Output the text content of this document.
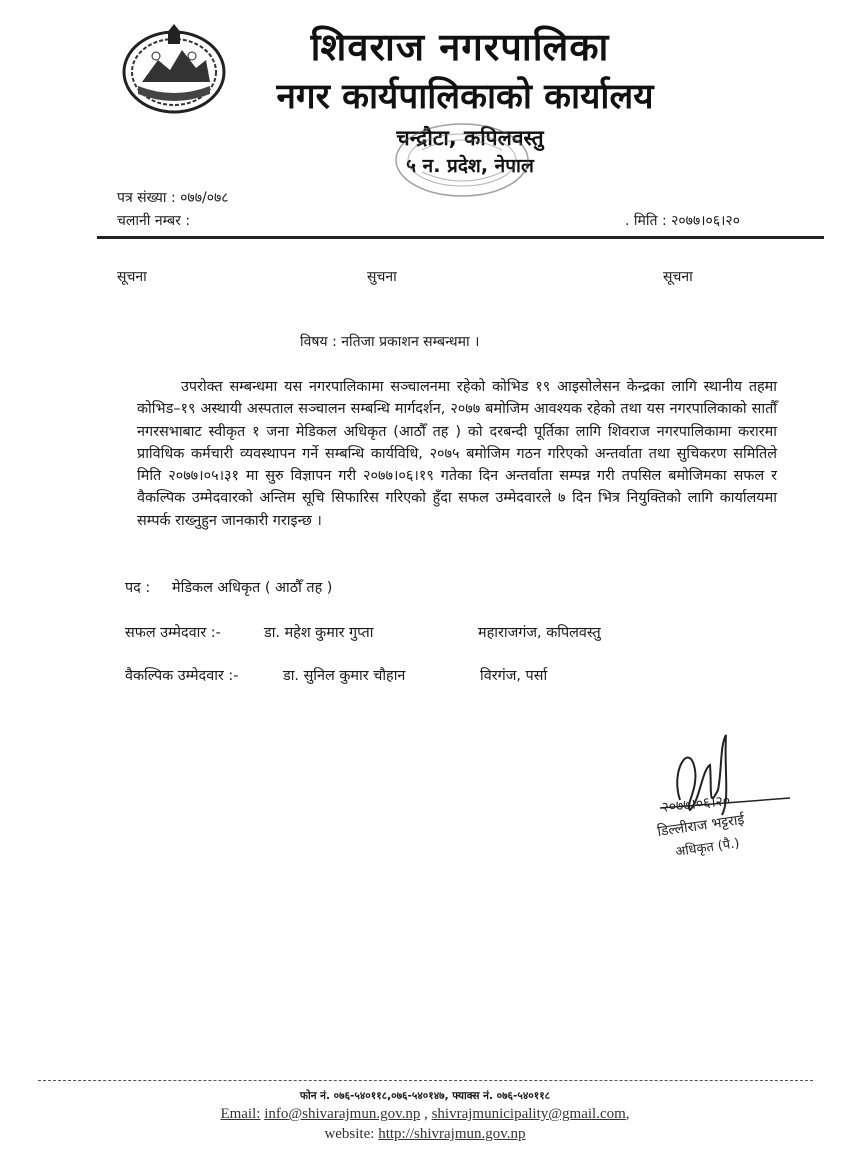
शिवराज नगरपालिका
नगर कार्यपालिकाको कार्यालय
चन्द्रौटा, कपिलवस्तु
५ न. प्रदेश, नेपाल
पत्र संख्या : ०७७/०७८
चलानी नम्बर :	. मिति : २०७७।०६।२०
सूचना	सुचना	सूचना
विषय : नतिजा प्रकाशन सम्बन्धमा ।
उपरोक्त सम्बन्धमा यस नगरपालिकामा सञ्चालनमा रहेको कोभिड १९ आइसोलेसन केन्द्रका लागि स्थानीय तहमा कोभिड–१९ अस्थायी अस्पताल सञ्चालन सम्बन्धि मार्गदर्शन, २०७७ बमोजिम आवश्यक रहेको तथा यस नगरपालिकाको सातौँ नगरसभाबाट स्वीकृत १ जना मेडिकल अधिकृत (आठौँ तह ) को दरबन्दी पूर्तिका लागि शिवराज नगरपालिकामा करारमा प्राविधिक कर्मचारी व्यवस्थापन गर्ने सम्बन्धि कार्यविधि, २०७५ बमोजिम गठन गरिएको अन्तर्वाता तथा सुचिकरण समितिले मिति २०७७।०५।३१ मा सुरु विज्ञापन गरी २०७७।०६।१९ गतेका दिन अन्तर्वाता सम्पन्न गरी तपसिल बमोजिमका सफल र वैकल्पिक उम्मेदवारको अन्तिम सूचि सिफारिस गरिएको हुँदा सफल उम्मेदवारले ७ दिन भित्र नियुक्तिको लागि कार्यालयमा सम्पर्क राख्नुहुन जानकारी गराइन्छ ।
पद : मेडिकल अधिकृत ( आठौँ तह )
सफल उम्मेदवार :-	डा. महेश कुमार गुप्ता	महाराजगंज, कपिलवस्तु
वैकल्पिक उम्मेदवार :-	डा. सुनिल कुमार चौहान	विरगंज, पर्सा
२०७७।०६।२०
डिल्लीराज भट्टराई
अधिकृत (पै.)
फोन नं. ०७६-५४०११८,०७६-५४०१४७, फ्याक्स नं. ०७६-५४०११८
Email: info@shivarajmun.gov.np , shivrajmunicipality@gmail.com,
website: http://shivrajmun.gov.np
